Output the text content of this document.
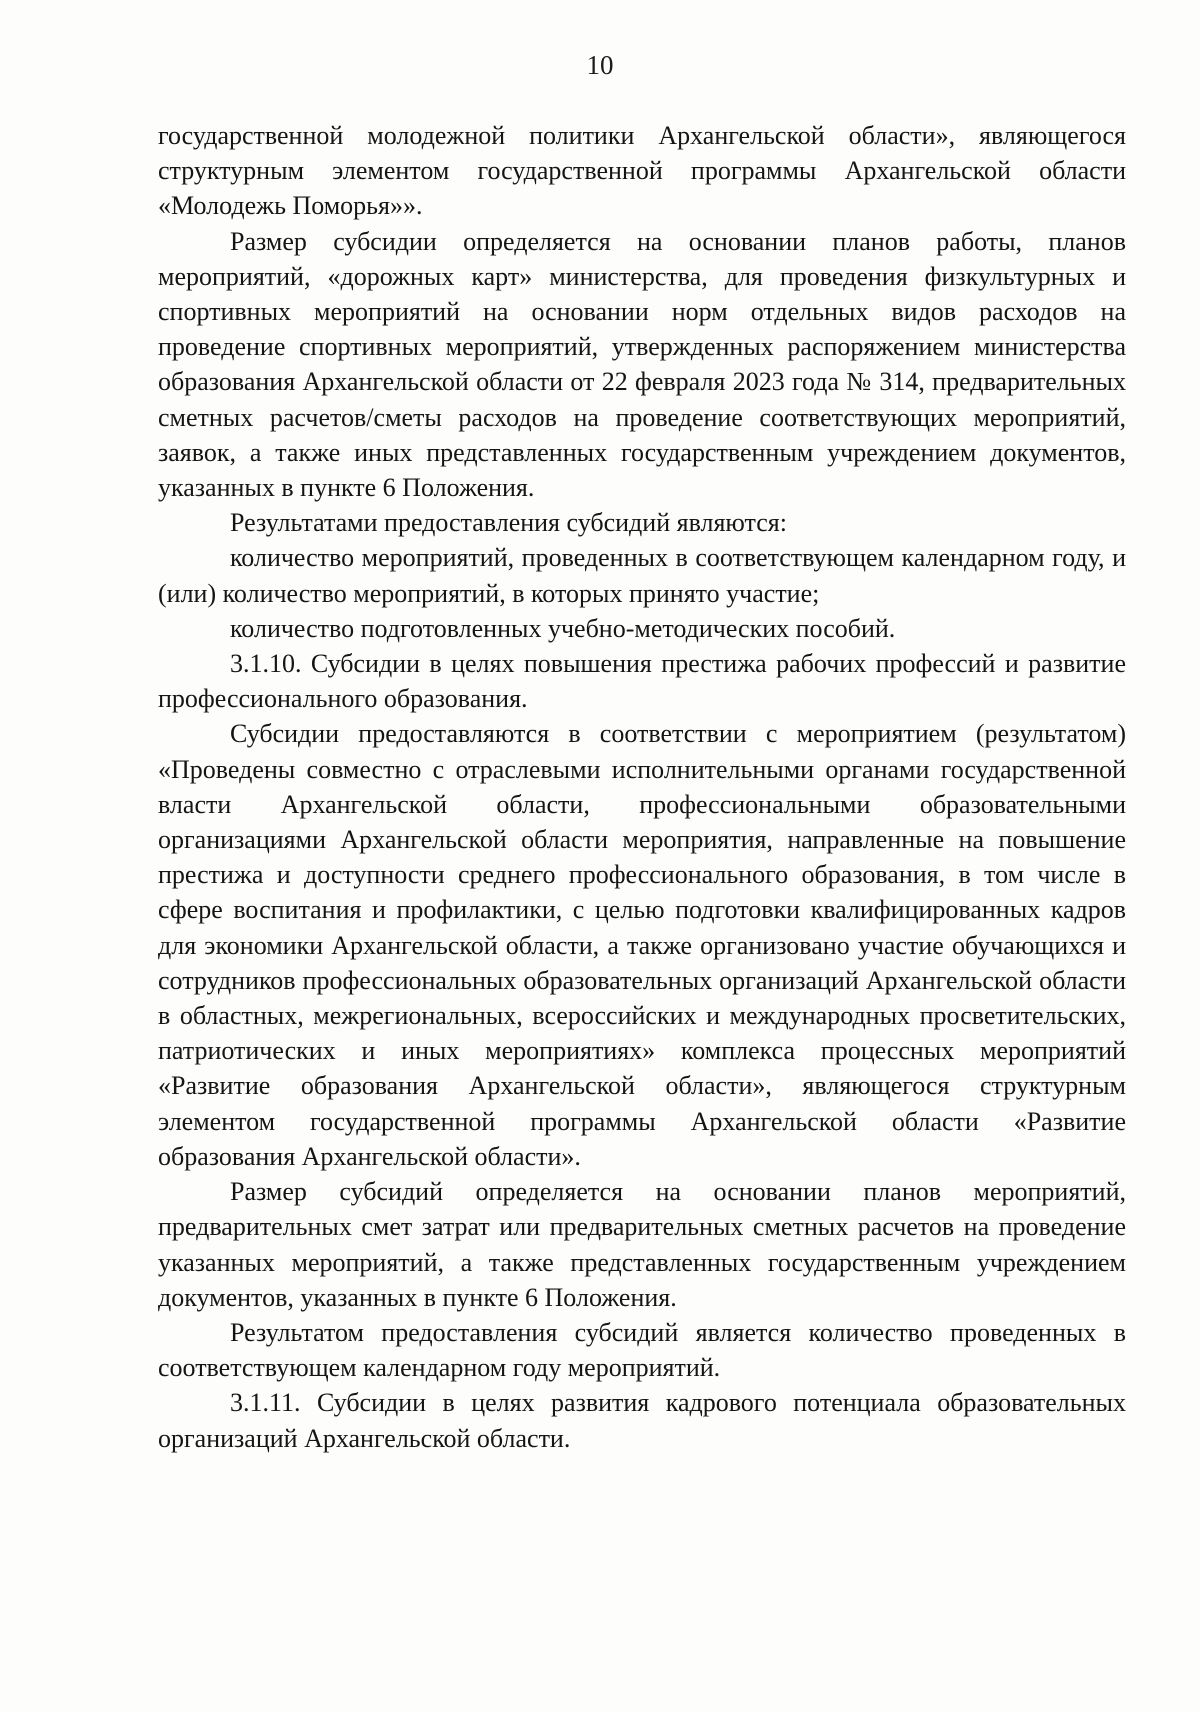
10

государственной молодежной политики Архангельской области», являющегося структурным элементом государственной программы Архангельской области «Молодежь Поморья»».

Размер субсидии определяется на основании планов работы, планов мероприятий, «дорожных карт» министерства, для проведения физкультурных и спортивных мероприятий на основании норм отдельных видов расходов на проведение спортивных мероприятий, утвержденных распоряжением министерства образования Архангельской области от 22 февраля 2023 года № 314, предварительных сметных расчетов/сметы расходов на проведение соответствующих мероприятий, заявок, а также иных представленных государственным учреждением документов, указанных в пункте 6 Положения.

Результатами предоставления субсидий являются:

количество мероприятий, проведенных в соответствующем календарном году, и (или) количество мероприятий, в которых принято участие;

количество подготовленных учебно-методических пособий.

3.1.10. Субсидии в целях повышения престижа рабочих профессий и развитие профессионального образования.

Субсидии предоставляются в соответствии с мероприятием (результатом) «Проведены совместно с отраслевыми исполнительными органами государственной власти Архангельской области, профессиональными образовательными организациями Архангельской области мероприятия, направленные на повышение престижа и доступности среднего профессионального образования, в том числе в сфере воспитания и профилактики, с целью подготовки квалифицированных кадров для экономики Архангельской области, а также организовано участие обучающихся и сотрудников профессиональных образовательных организаций Архангельской области в областных, межрегиональных, всероссийских и международных просветительских, патриотических и иных мероприятиях» комплекса процессных мероприятий «Развитие образования Архангельской области», являющегося структурным элементом государственной программы Архангельской области «Развитие образования Архангельской области».

Размер субсидий определяется на основании планов мероприятий, предварительных смет затрат или предварительных сметных расчетов на проведение указанных мероприятий, а также представленных государственным учреждением документов, указанных в пункте 6 Положения.

Результатом предоставления субсидий является количество проведенных в соответствующем календарном году мероприятий.

3.1.11. Субсидии в целях развития кадрового потенциала образовательных организаций Архангельской области.
